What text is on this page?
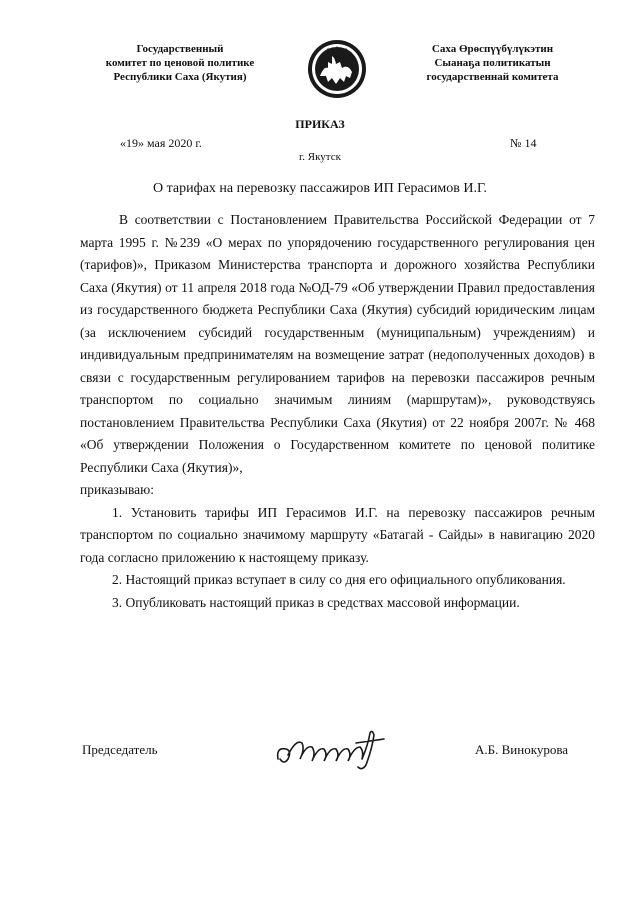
Государственный
комитет по ценовой политике
Республики Саха (Якутия)
Саха Өрөспүүбүлүкэтин
Сыанаҕа политикатын
государственнай комитета
ПРИКАЗ
«19» мая 2020 г.	№ 14
г. Якутск
О тарифах на перевозку пассажиров ИП Герасимов И.Г.

В соответствии с Постановлением Правительства Российской Федерации от 7 марта 1995 г. №239 «О мерах по упорядочению государственного регулирования цен (тарифов)», Приказом Министерства транспорта и дорожного хозяйства Республики Саха (Якутия) от 11 апреля 2018 года №ОД-79 «Об утверждении Правил предоставления из государственного бюджета Республики Саха (Якутия) субсидий юридическим лицам (за исключением субсидий государственным (муниципальным) учреждениям) и индивидуальным предпринимателям на возмещение затрат (недополученных доходов) в связи с государственным регулированием тарифов на перевозки пассажиров речным транспортом по социально значимым линиям (маршрутам)», руководствуясь постановлением Правительства Республики Саха (Якутия) от 22 ноября 2007г. № 468 «Об утверждении Положения о Государственном комитете по ценовой политике Республики Саха (Якутия)»,

приказываю:

1. Установить тарифы ИП Герасимов И.Г. на перевозку пассажиров речным транспортом по социально значимому маршруту «Батагай - Сайды» в навигацию 2020 года согласно приложению к настоящему приказу.

2. Настоящий приказ вступает в силу со дня его официального опубликования.

3. Опубликовать настоящий приказ в средствах массовой информации.

Председатель	А.Б. Винокурова
